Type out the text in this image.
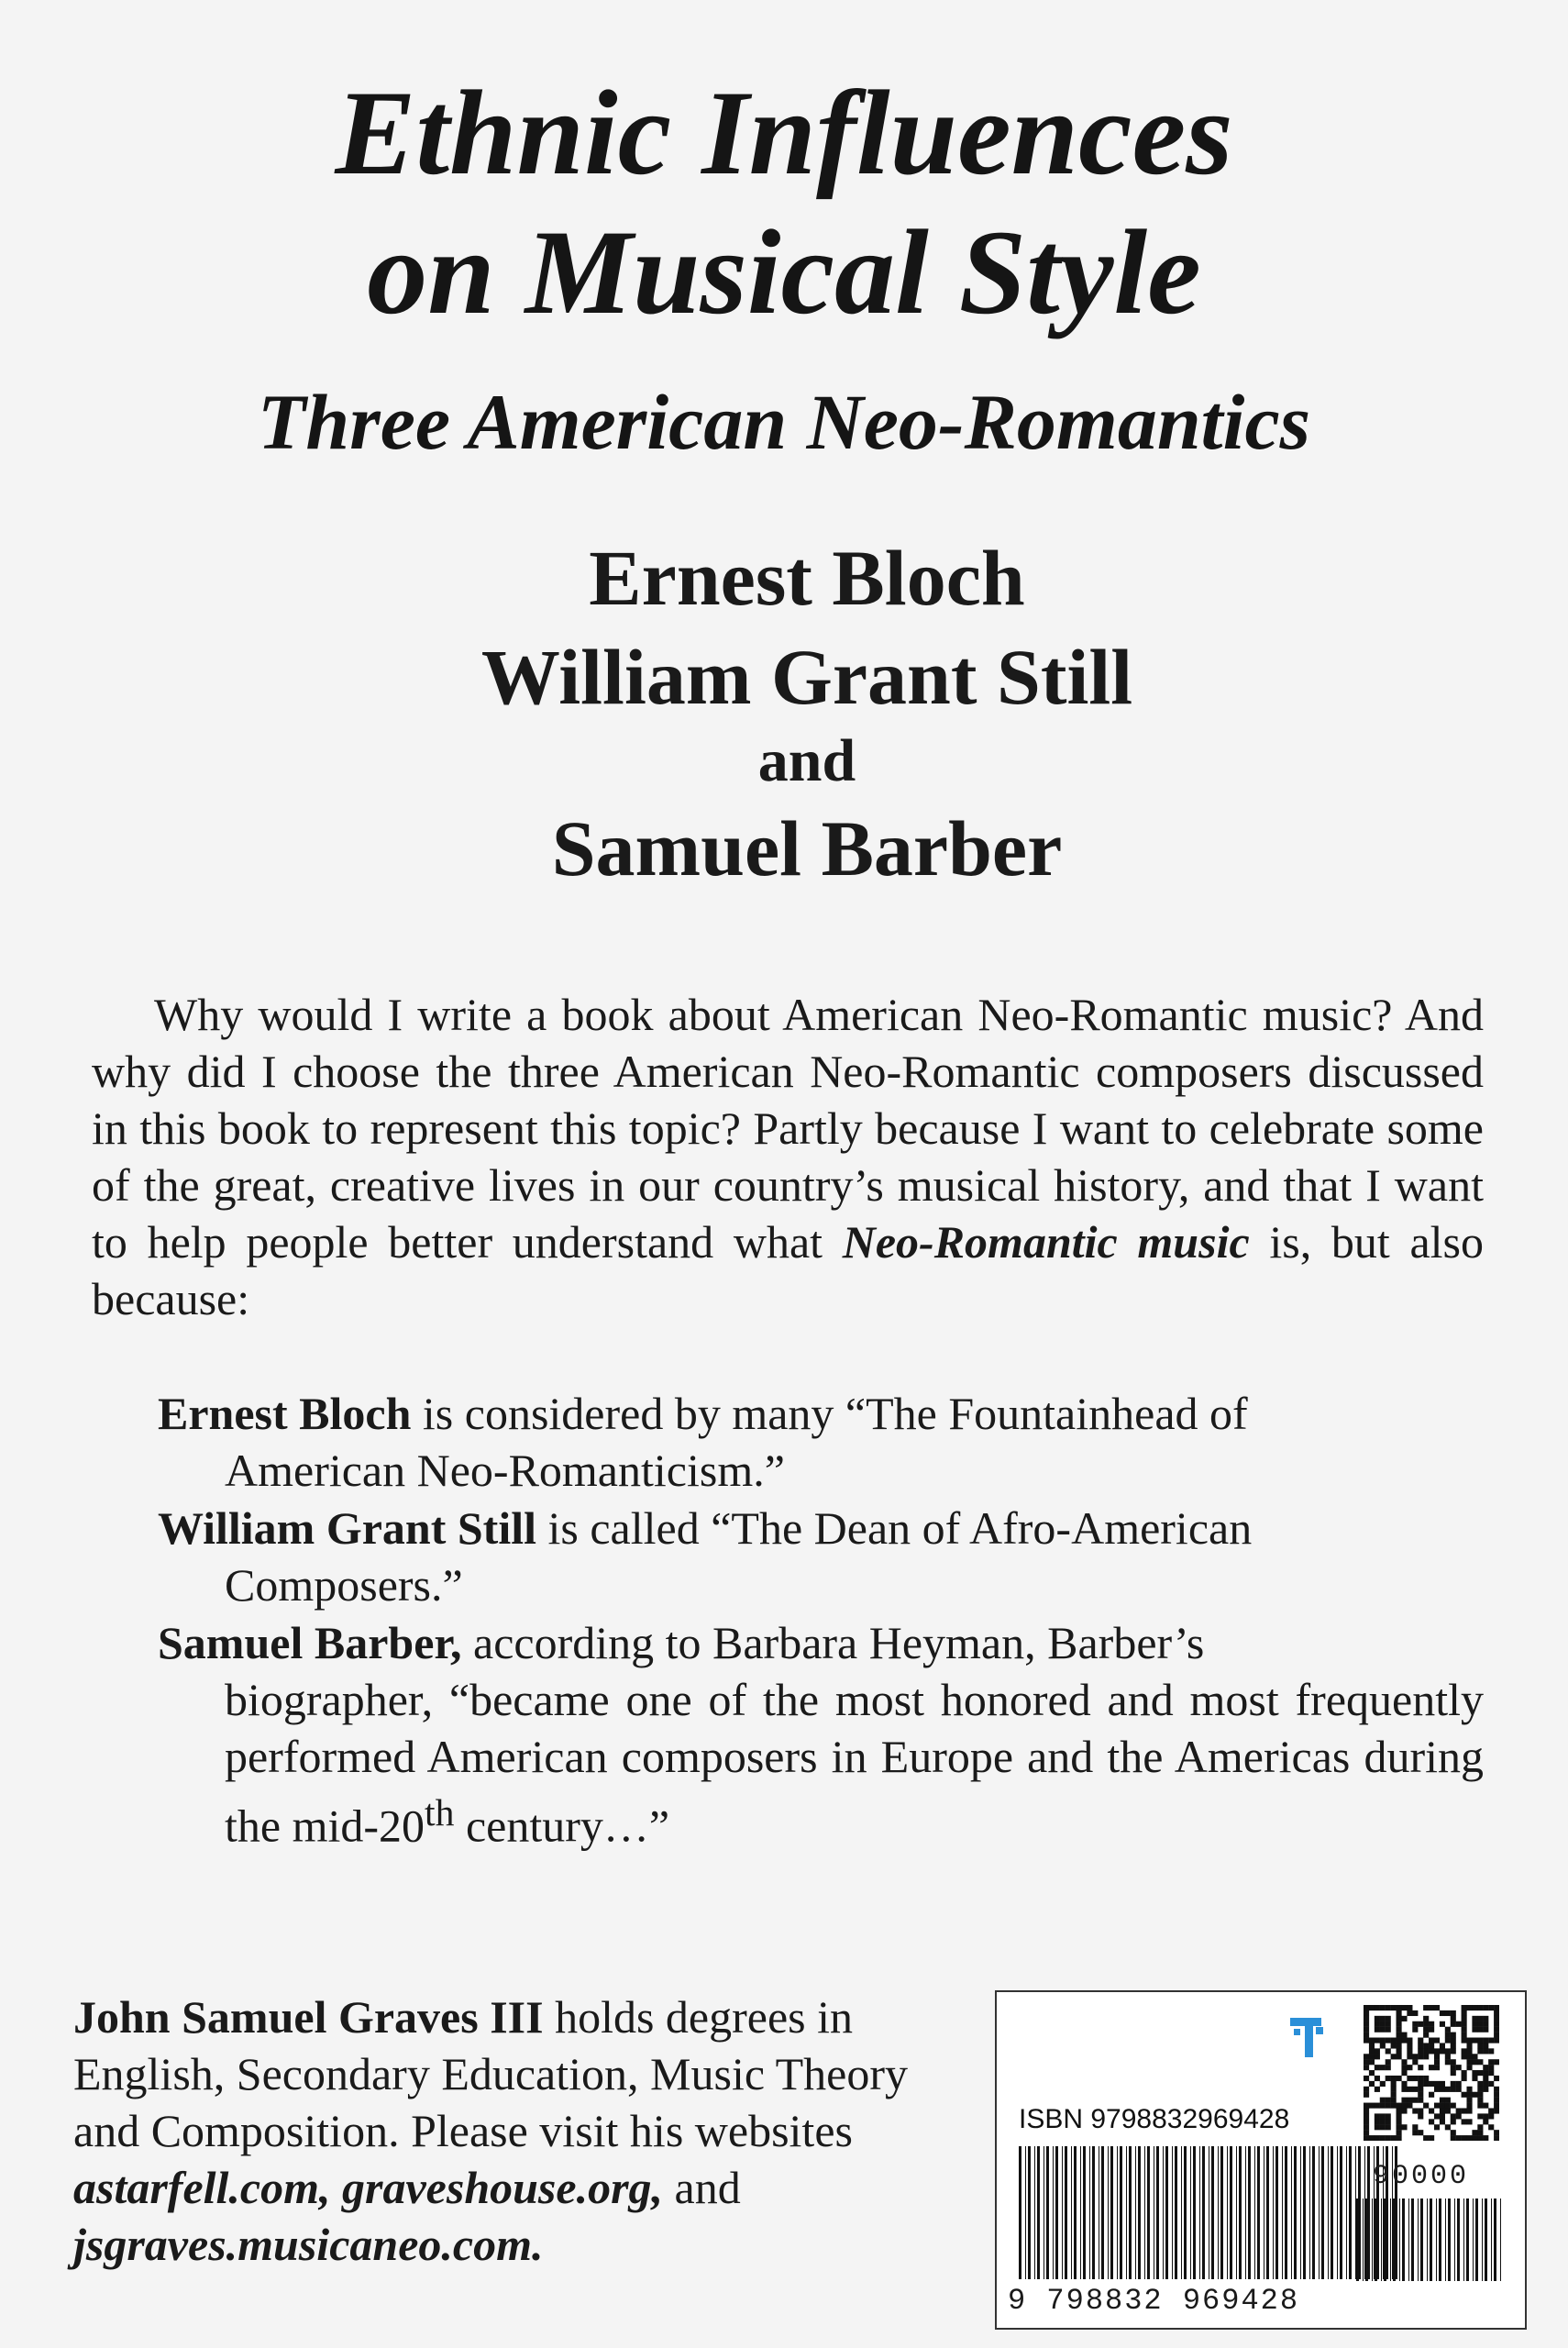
Ethnic Influences
on Musical Style
Three American Neo-Romantics
Ernest Bloch
William Grant Still
and
Samuel Barber
Why would I write a book about American Neo-Romantic music? And why did I choose the three American Neo-Romantic composers discussed in this book to represent this topic? Partly because I want to celebrate some of the great, creative lives in our country’s musical history, and that I want to help people better understand what Neo-Romantic music is, but also because:
Ernest Bloch is considered by many “The Fountainhead of
American Neo-Romanticism.”
William Grant Still is called “The Dean of Afro-American
Composers.”
Samuel Barber, according to Barbara Heyman, Barber’s
biographer, “became one of the most honored and most frequently performed American composers in Europe and the Americas during the mid-20th century…”
John Samuel Graves III holds degrees in English, Secondary Education, Music Theory and Composition. Please visit his websites astarfell.com, graveshouse.org, and jsgraves.musicaneo.com.
ISBN 9798832969428
90000
9 798832 969428
